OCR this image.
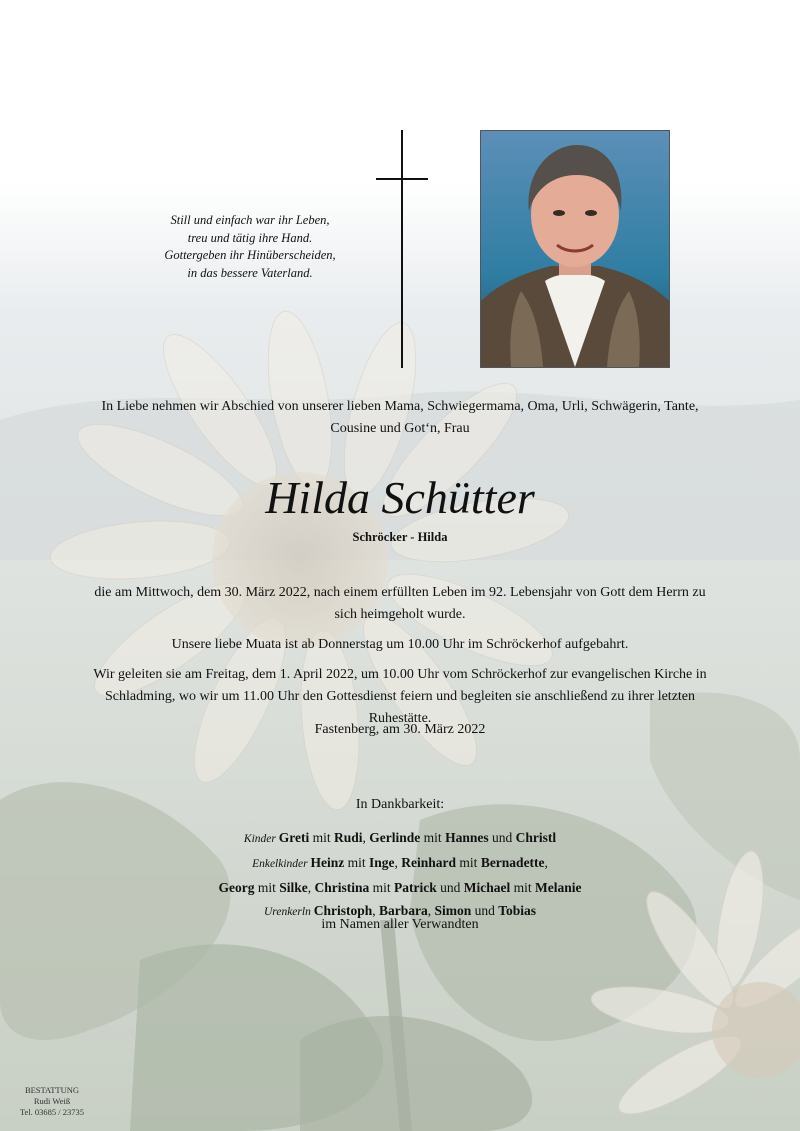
Still und einfach war ihr Leben,
treu und tätig ihre Hand.
Gottergeben ihr Hinüberscheiden,
in das bessere Vaterland.
In Liebe nehmen wir Abschied von unserer lieben Mama, Schwiegermama, Oma, Urli, Schwägerin, Tante, Cousine und Got‘n, Frau
Hilda Schütter
Schröcker - Hilda

die am Mittwoch, dem 30. März 2022, nach einem erfüllten Leben im 92. Lebensjahr von Gott dem Herrn zu sich heimgeholt wurde.

Unsere liebe Muata ist ab Donnerstag um 10.00 Uhr im Schröckerhof aufgebahrt.

Wir geleiten sie am Freitag, dem 1. April 2022, um 10.00 Uhr vom Schröckerhof zur evangelischen Kirche in Schladming, wo wir um 11.00 Uhr den Gottesdienst feiern und begleiten sie anschließend zu ihrer letzten Ruhestätte.

Fastenberg, am 30. März 2022
In Dankbarkeit:
Kinder Greti mit Rudi, Gerlinde mit Hannes und Christl
Enkelkinder Heinz mit Inge, Reinhard mit Bernadette,
Georg mit Silke, Christina mit Patrick und Michael mit Melanie
Urenkerln Christoph, Barbara, Simon und Tobias
im Namen aller Verwandten
BESTATTUNG
Rudi Weiß
Tel. 03685 / 23735
